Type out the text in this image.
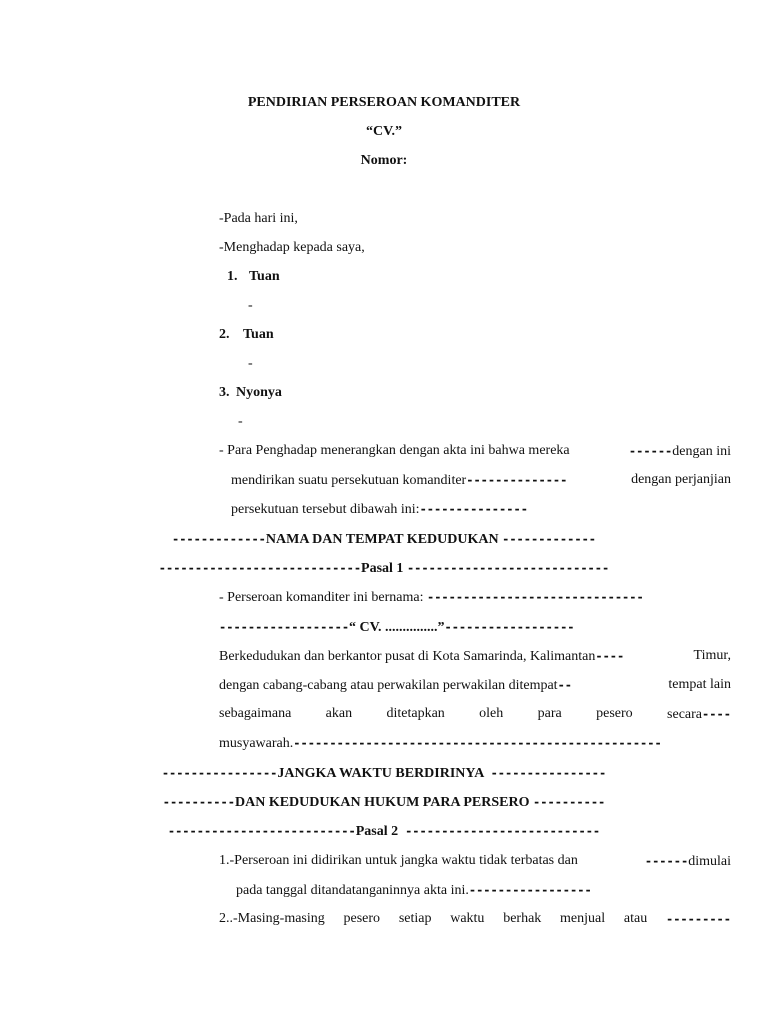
PENDIRIAN PERSEROAN KOMANDITER
“CV.”
Nomor:
-Pada hari ini,
-Menghadap kepada saya,
1. Tuan
-
2. Tuan
-
3. Nyonya
-
- Para Penghadap menerangkan dengan akta ini bahwa mereka	------dengan ini
mendirikan suatu persekutuan komanditer--------------	dengan perjanjian
persekutuan tersebut dibawah ini:---------------
-------------NAMA DAN TEMPAT KEDUDUKAN -------------
----------------------------Pasal 1 ----------------------------
- Perseroan komanditer ini bernama: ------------------------------
------------------“ CV. ...............”------------------
Berkedudukan dan berkantor pusat di Kota Samarinda, Kalimantan----	Timur,
dengan cabang-cabang atau perwakilan perwakilan ditempat--	tempat lain
sebagaimana akan ditetapkan oleh para pesero secara----
musyawarah.---------------------------------------------------
----------------JANGKA WAKTU BERDIRINYA ----------------
----------DAN KEDUDUKAN HUKUM PARA PERSERO ----------
--------------------------Pasal 2 ---------------------------
1.-Perseroan ini didirikan untuk jangka waktu tidak terbatas dan	------dimulai
pada tanggal ditandatanganinnya akta ini.-----------------
2..-Masing-masing pesero setiap waktu berhak menjual atau ---------
